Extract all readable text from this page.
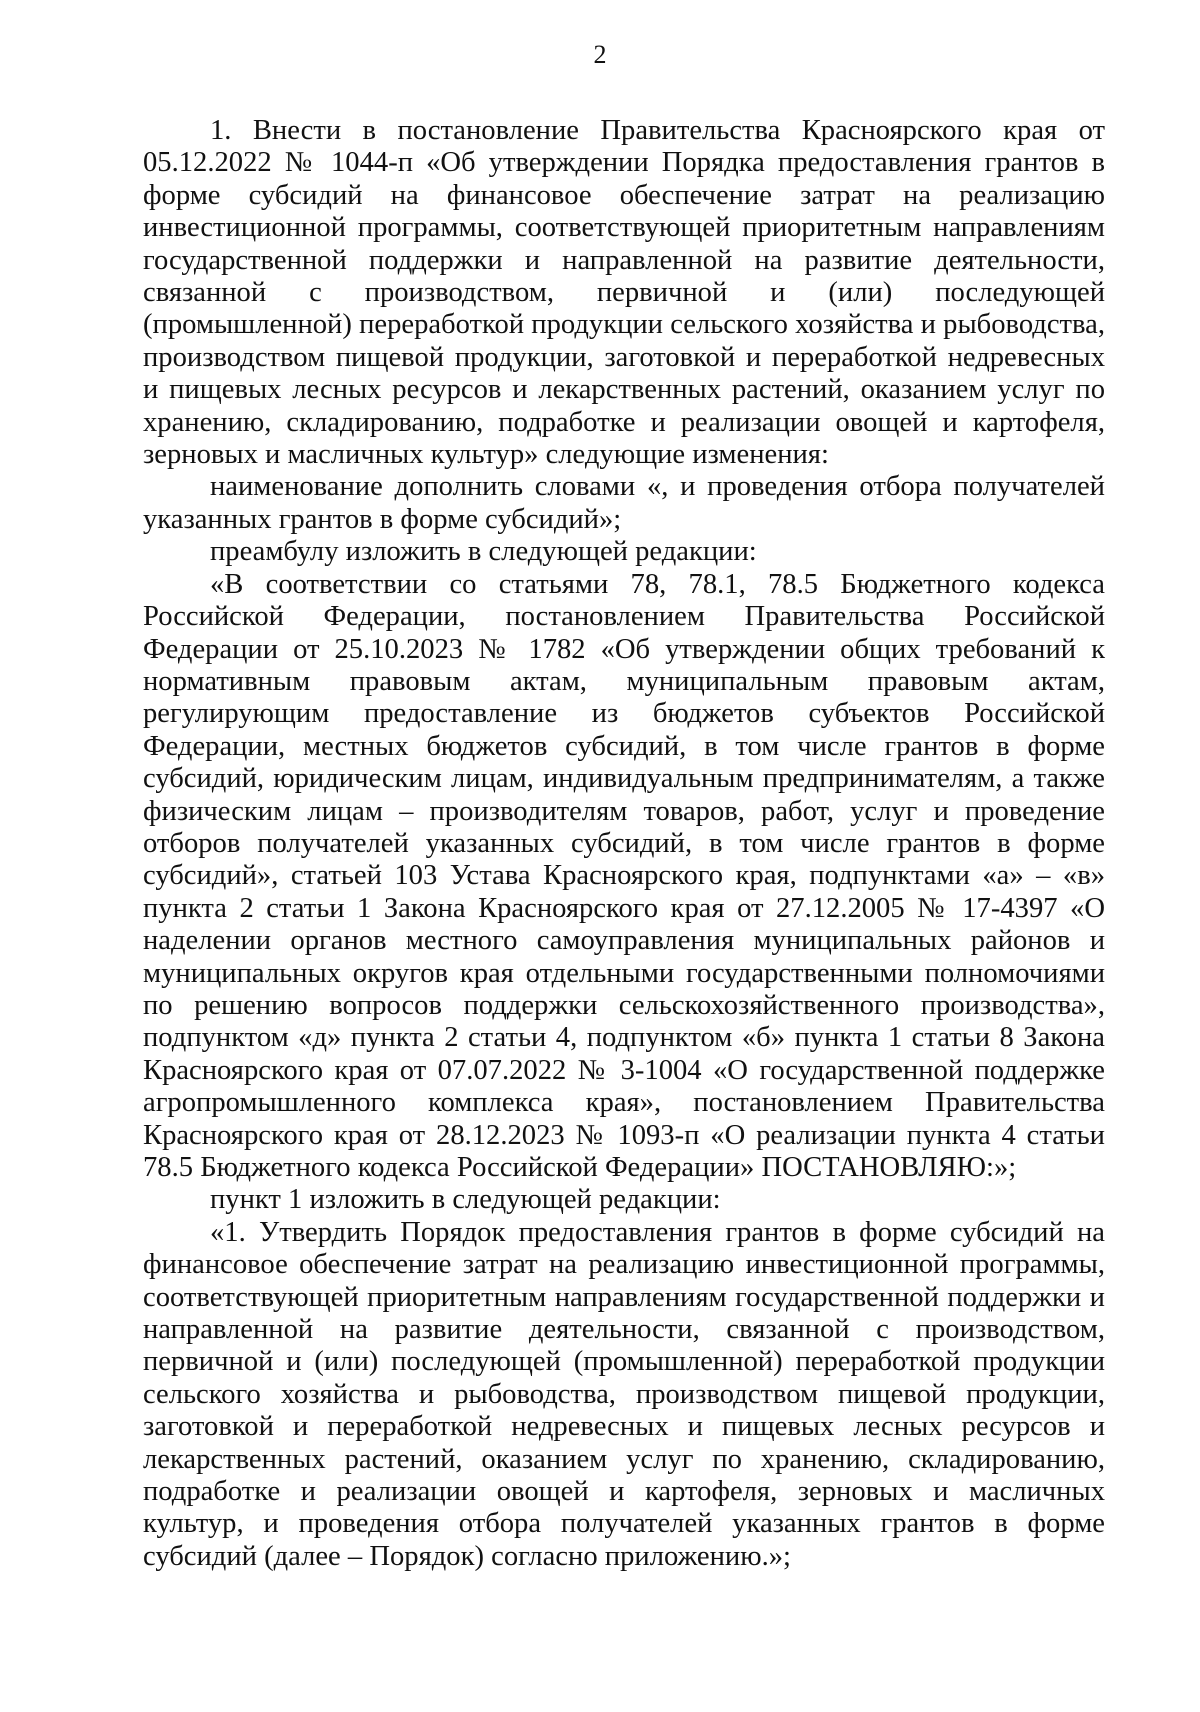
2

1. Внести в постановление Правительства Красноярского края от 05.12.2022 № 1044-п «Об утверждении Порядка предоставления грантов в форме субсидий на финансовое обеспечение затрат на реализацию инвестиционной программы, соответствующей приоритетным направлениям государственной поддержки и направленной на развитие деятельности, связанной с производством, первичной и (или) последующей (промышленной) переработкой продукции сельского хозяйства и рыбоводства, производством пищевой продукции, заготовкой и переработкой недревесных и пищевых лесных ресурсов и лекарственных растений, оказанием услуг по хранению, складированию, подработке и реализации овощей и картофеля, зерновых и масличных культур» следующие изменения:

наименование дополнить словами «, и проведения отбора получателей указанных грантов в форме субсидий»;

преамбулу изложить в следующей редакции:

«В соответствии со статьями 78, 78.1, 78.5 Бюджетного кодекса Российской Федерации, постановлением Правительства Российской Федерации от 25.10.2023 № 1782 «Об утверждении общих требований к нормативным правовым актам, муниципальным правовым актам, регулирующим предоставление из бюджетов субъектов Российской Федерации, местных бюджетов субсидий, в том числе грантов в форме субсидий, юридическим лицам, индивидуальным предпринимателям, а также физическим лицам – производителям товаров, работ, услуг и проведение отборов получателей указанных субсидий, в том числе грантов в форме субсидий», статьей 103 Устава Красноярского края, подпунктами «а» – «в» пункта 2 статьи 1 Закона Красноярского края от 27.12.2005 № 17-4397 «О наделении органов местного самоуправления муниципальных районов и муниципальных округов края отдельными государственными полномочиями по решению вопросов поддержки сельскохозяйственного производства», подпунктом «д» пункта 2 статьи 4, подпунктом «б» пункта 1 статьи 8 Закона Красноярского края от 07.07.2022 № 3-1004 «О государственной поддержке агропромышленного комплекса края», постановлением Правительства Красноярского края от 28.12.2023 № 1093-п «О реализации пункта 4 статьи 78.5 Бюджетного кодекса Российской Федерации» ПОСТАНОВЛЯЮ:»;

пункт 1 изложить в следующей редакции:

«1. Утвердить Порядок предоставления грантов в форме субсидий на финансовое обеспечение затрат на реализацию инвестиционной программы, соответствующей приоритетным направлениям государственной поддержки и направленной на развитие деятельности, связанной с производством, первичной и (или) последующей (промышленной) переработкой продукции сельского хозяйства и рыбоводства, производством пищевой продукции, заготовкой и переработкой недревесных и пищевых лесных ресурсов и лекарственных растений, оказанием услуг по хранению, складированию, подработке и реализации овощей и картофеля, зерновых и масличных культур, и проведения отбора получателей указанных грантов в форме субсидий (далее – Порядок) согласно приложению.»;
